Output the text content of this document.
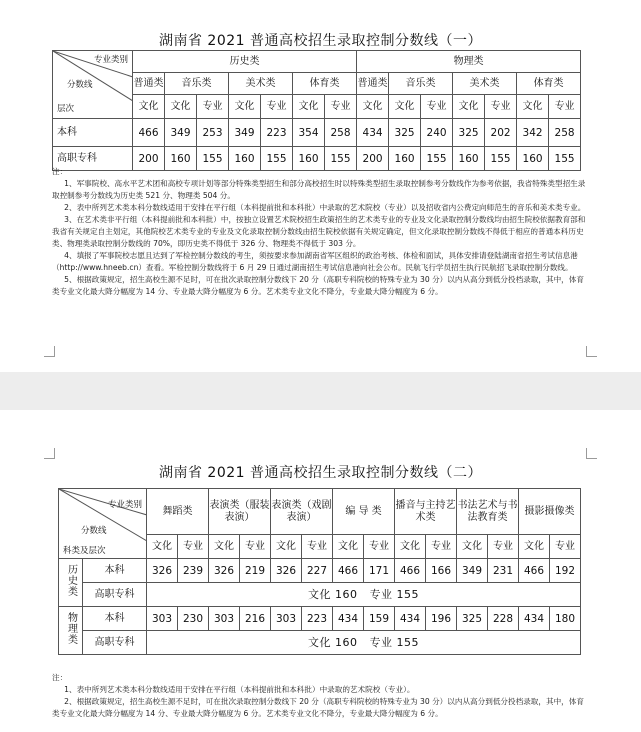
湖南省 2021 普通高校招生录取控制分数线（一）
专业类别
分数线
层次	历史类							物理类						
	普通类	音乐类		美术类		体育类		普通类	音乐类		美术类		体育类	
	文化	文化	专业	文化	专业	文化	专业	文化	文化	专业	文化	专业	文化	专业
本科	466	349	253	349	223	354	258	434	325	240	325	202	342	258
高职专科	200	160	155	160	155	160	155	200	160	155	160	155	160	155

注：

1、军事院校、高水平艺术团和高校专项计划等部分特殊类型招生和部分高校招生时以特殊类型招生录取控制参考分数线作为参考依据，我省特殊类型招生录取控制参考分数线为历史类 521 分、物理类 504 分。

2、表中所列艺术类本科分数线适用于安排在平行组（本科提前批和本科批）中录取的艺术院校（专业）以及招收省内公费定向师范生的音乐和美术类专业。

3、在艺术类非平行组（本科提前批和本科批）中，按独立设置艺术院校招生政策招生的艺术类专业的专业及文化录取控制分数线均由招生院校依据教育部和我省有关规定自主划定，其他院校艺术类专业的专业及文化录取控制分数线由招生院校依据有关规定确定，但文化录取控制分数线不得低于相应的普通本科历史类、物理类录取控制分数线的 70%，即历史类不得低于 326 分、物理类不得低于 303 分。

4、填报了军事院校志愿且达到了军检控制分数线的考生，须按要求参加湖南省军区组织的政治考核、体检和面试，具体安排请登陆湖南省招生考试信息港（http://www.hneeb.cn）查看。军检控制分数线将于 6 月 29 日通过湖南招生考试信息港向社会公布。民航飞行学员招生执行民航招飞录取控制分数线。

5、根据政策规定，招生高校生源不足时，可在批次录取控制分数线下 20 分（高职专科院校的特殊专业为 30 分）以内从高分到低分投档录取，其中，体育类专业文化最大降分幅度为 14 分、专业最大降分幅度为 6 分。艺术类专业文化不降分，专业最大降分幅度为 6 分。

湖南省 2021 普通高校招生录取控制分数线（二）
专业类别
分数线
科类及层次		舞蹈类		表演类（服装表演）		表演类（戏剧表演）		编 导 类		播音与主持艺术类		书法艺术与书法教育类		摄影摄像类	
		文化	专业	文化	专业	文化	专业	文化	专业	文化	专业	文化	专业	文化	专业
历史类	本科	326	239	326	219	326	227	466	171	466	166	349	231	466	192
	高职专科	文化 160 专业 155													
物理类	本科	303	230	303	216	303	223	434	159	434	196	325	228	434	180
	高职专科	文化 160 专业 155													

注：

1、表中所列艺术类本科分数线适用于安排在平行组（本科提前批和本科批）中录取的艺术院校（专业）。

2、根据政策规定，招生高校生源不足时，可在批次录取控制分数线下 20 分（高职专科院校的特殊专业为 30 分）以内从高分到低分投档录取，其中，体育类专业文化最大降分幅度为 14 分、专业最大降分幅度为 6 分。艺术类专业文化不降分，专业最大降分幅度为 6 分。
